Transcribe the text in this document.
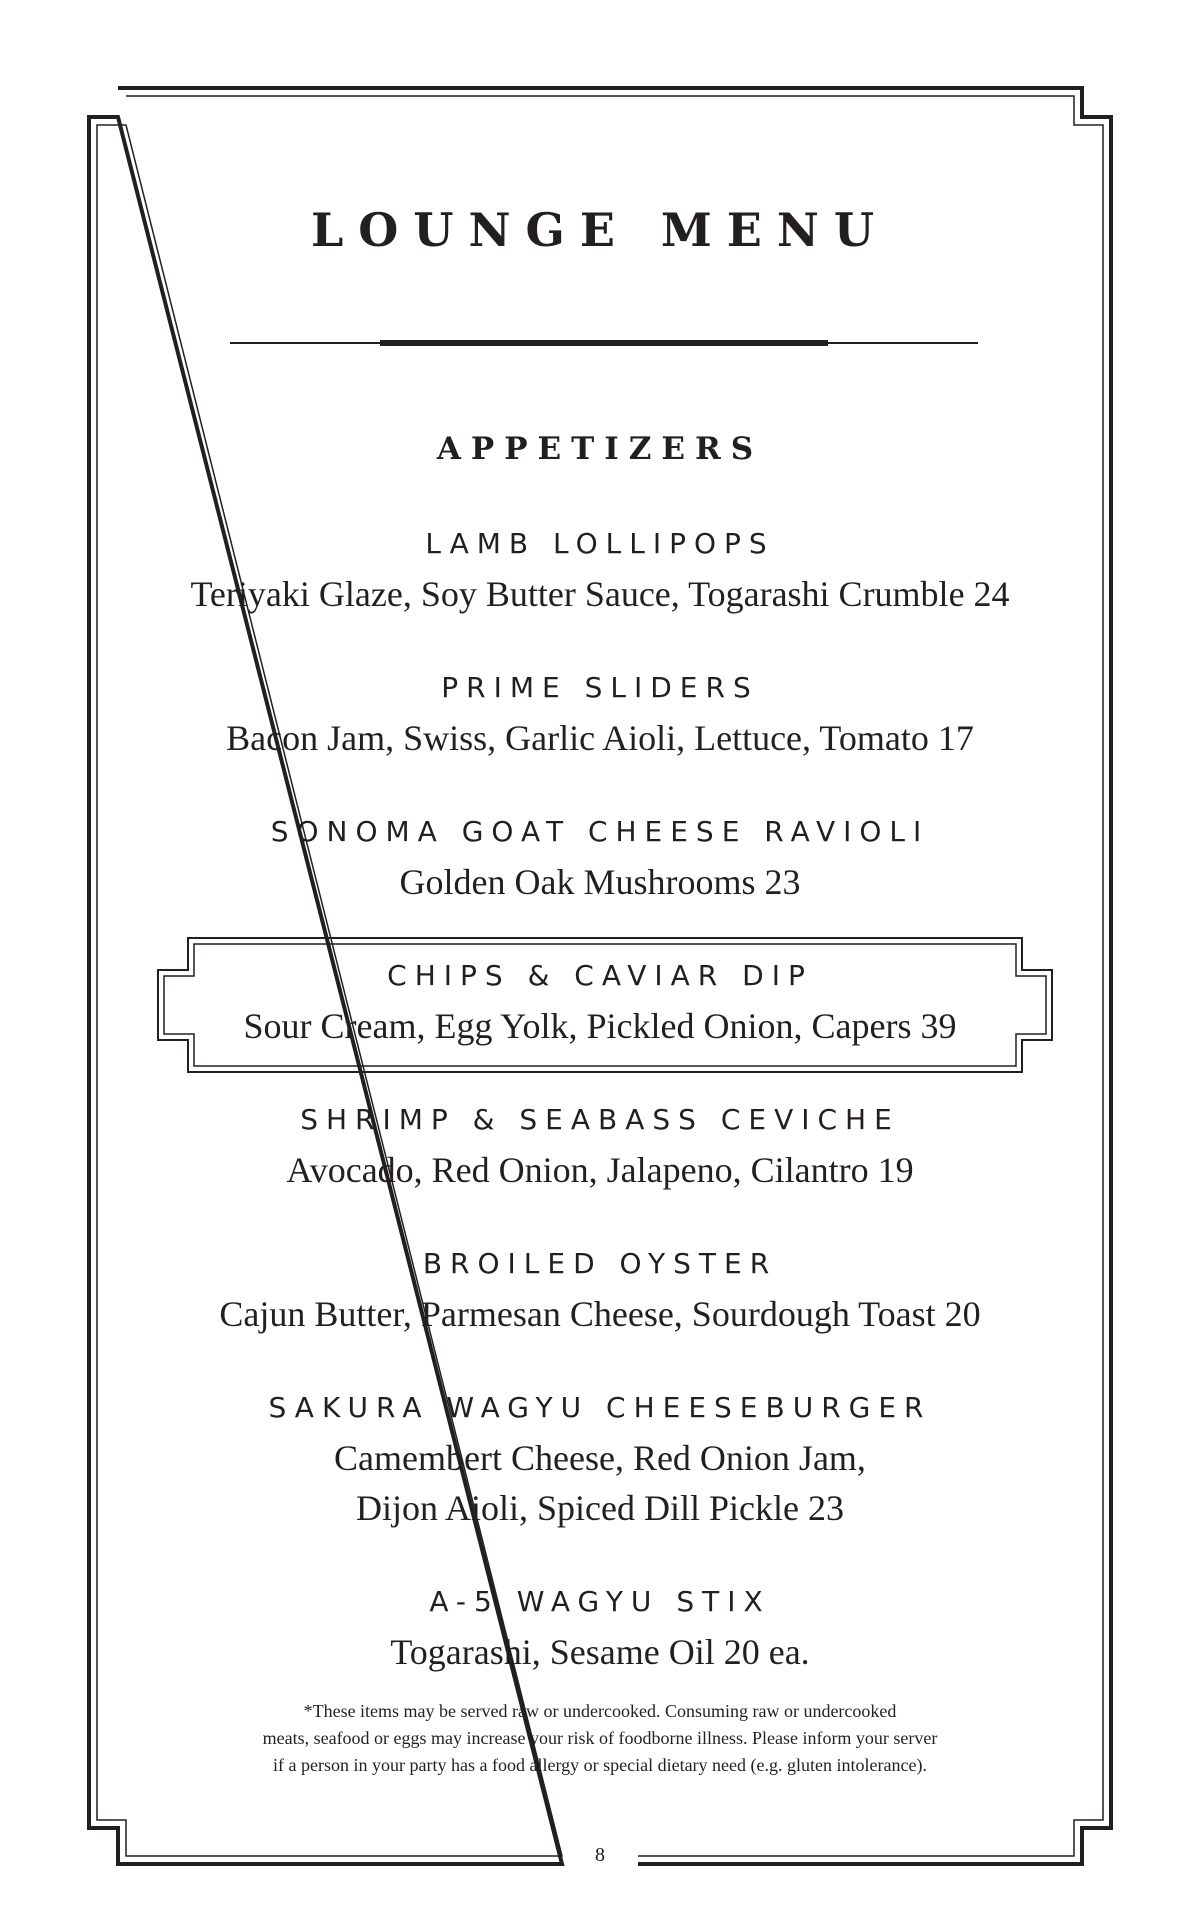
LOUNGE MENU
APPETIZERS
LAMB LOLLIPOPS
Teriyaki Glaze, Soy Butter Sauce, Togarashi Crumble 24
PRIME SLIDERS
Bacon Jam, Swiss, Garlic Aioli, Lettuce, Tomato 17
SONOMA GOAT CHEESE RAVIOLI
Golden Oak Mushrooms 23
CHIPS & CAVIAR DIP
Sour Cream, Egg Yolk, Pickled Onion, Capers 39
SHRIMP & SEABASS CEVICHE
Avocado, Red Onion, Jalapeno, Cilantro 19
BROILED OYSTER
Cajun Butter, Parmesan Cheese, Sourdough Toast 20
SAKURA WAGYU CHEESEBURGER
Camembert Cheese, Red Onion Jam,
Dijon Aioli, Spiced Dill Pickle 23
A-5 WAGYU STIX
Togarashi, Sesame Oil 20 ea.
*These items may be served raw or undercooked. Consuming raw or undercooked
meats, seafood or eggs may increase your risk of foodborne illness. Please inform your server
if a person in your party has a food allergy or special dietary need (e.g. gluten intolerance).
8
